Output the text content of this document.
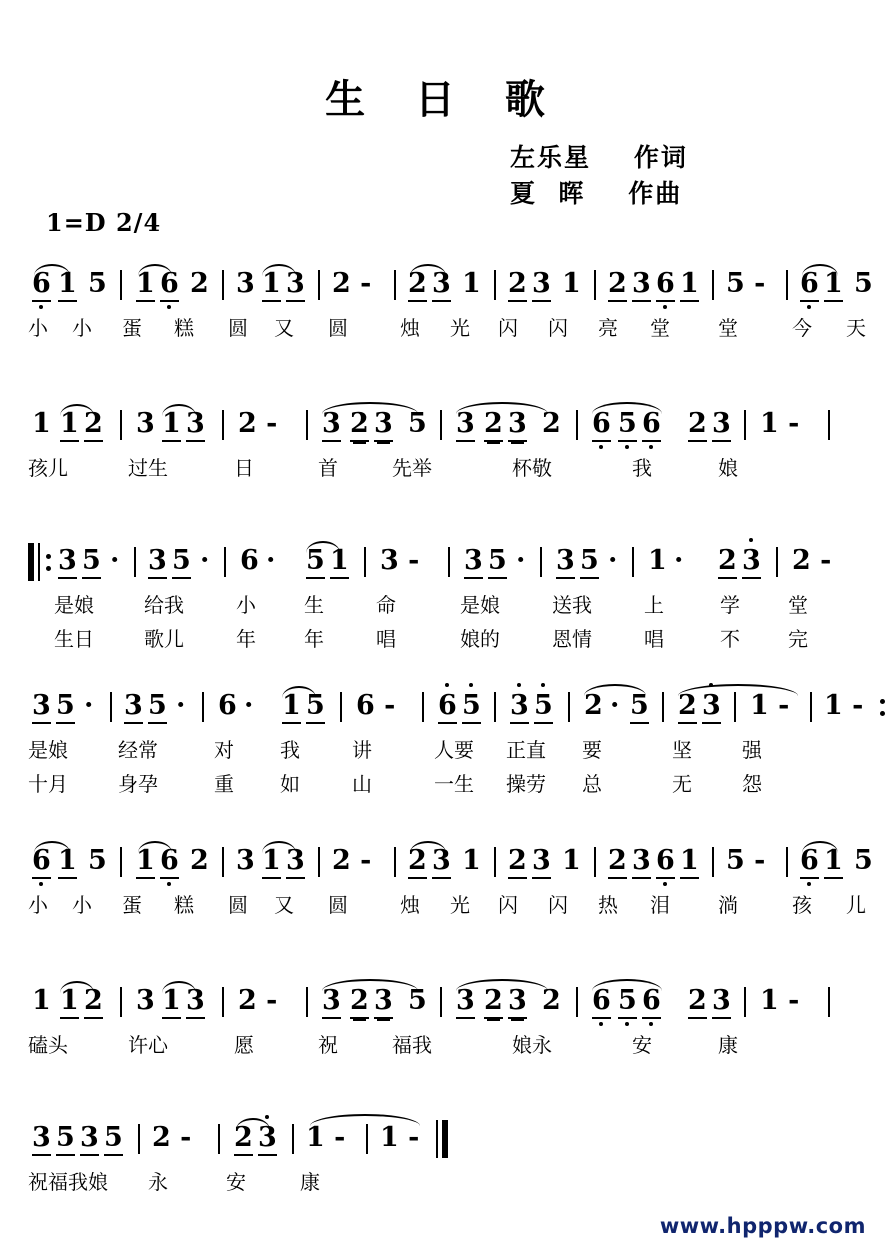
生 日 歌
左乐星    作词
夏  晖    作曲
1=D 2/4
6 1 5 1 6 2 3 1 3 2 - 2 3 1 2 3 1 2 3 6 1 5 - 6 1 5
小 小 蛋 糕 圆 又 圆	烛 光 闪 闪 亮 堂 堂	今 天
1 1 2 3 1 3 2 - 3 2 3 5 3 2 3 2 6 5 6 2 3 1 -
孩儿	过生	日	首	先举	杯敬	我	娘
3 5 · 3 5 · 6 · 5 1 3 - 3 5 · 3 5 · 1 · 2 3 2 -
是娘	给我	小 生	命	是娘	送我	上	学 堂
生日	歌儿	年 年	唱	娘的	恩情	唱	不 完
3 5 · 3 5 · 6 · 1 5 6 - 6 5 3 5 2 · 5 2 3 1 - 1 -
是娘	经常	对 我	讲	人要 正直 要	坚	强
十月	身孕	重 如	山	一生 操劳 总	无	怨
6 1 5 1 6 2 3 1 3 2 - 2 3 1 2 3 1 2 3 6 1 5 - 6 1 5
小 小 蛋 糕 圆 又 圆	烛 光 闪 闪 热 泪 淌	孩 儿
1 1 2 3 1 3 2 - 3 2 3 5 3 2 3 2 6 5 6 2 3 1 -
磕头	许心	愿	祝	福我	娘永	安	康
3 5 3 5 2 - 2 3 1 - 1 -
祝福我娘 永	安	康
www.hpppw.com
